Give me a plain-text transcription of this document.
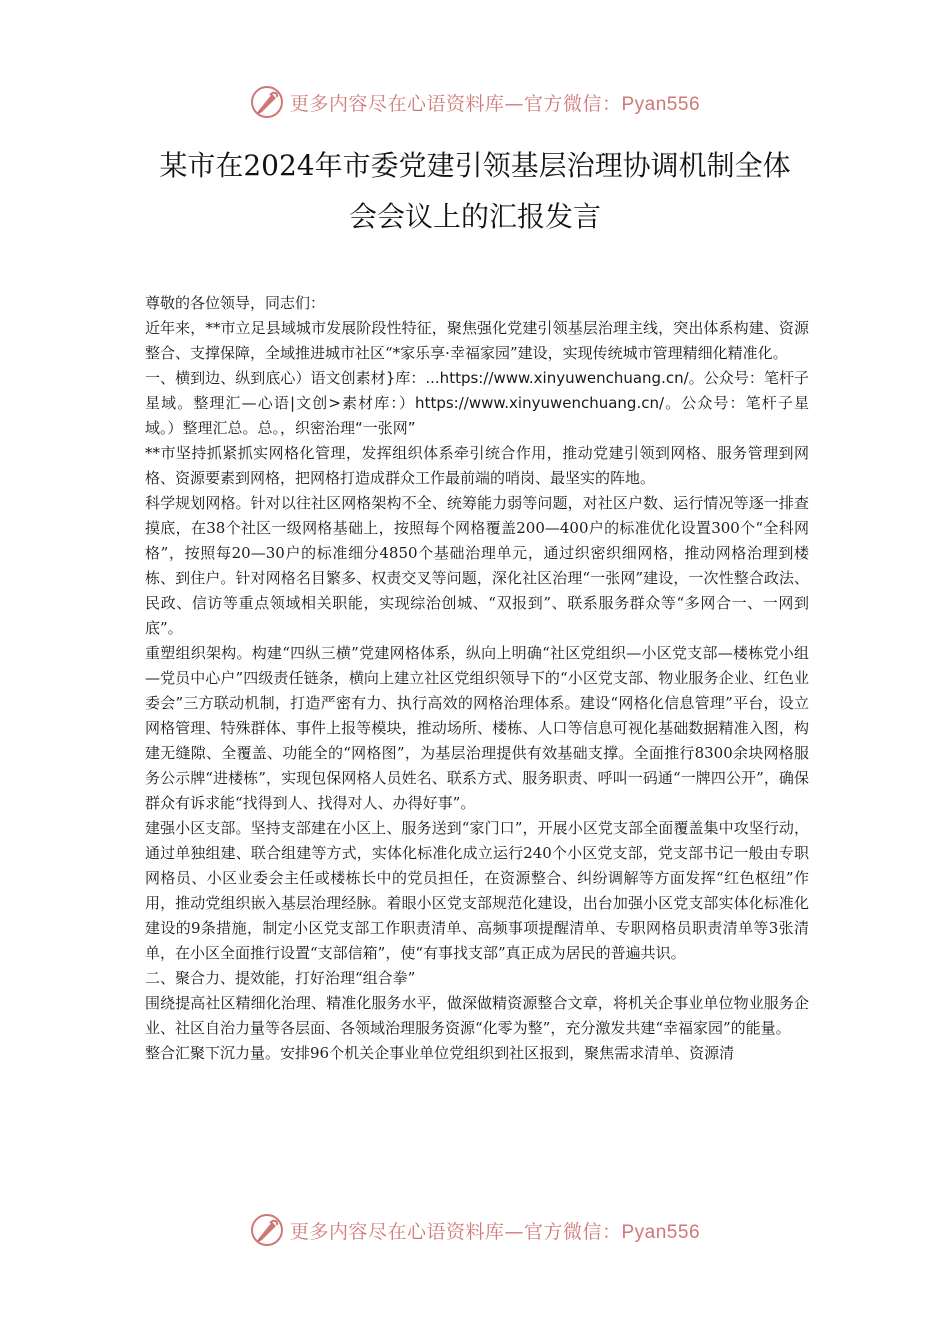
更多内容尽在心语资料库—官方微信：Pyan556
某市在2024年市委党建引领基层治理协调机制全体
会会议上的汇报发言

尊敬的各位领导，同志们：

近年来，**市立足县域城市发展阶段性特征，聚焦强化党建引领基层治理主线，突出体系构建、资源整合、支撑保障，全域推进城市社区“*家乐享·幸福家园”建设，实现传统城市管理精细化精准化。

一、横到边、纵到底心）语文创素材}库：...https://www.xinyuwenchuang.cn/。公众号：笔杆子星域。整理汇—心语|文创>素材库：）https://www.xinyuwenchuang.cn/。公众号：笔杆子星域。）整理汇总。总。，织密治理“一张网”

**市坚持抓紧抓实网格化管理，发挥组织体系牵引统合作用，推动党建引领到网格、服务管理到网格、资源要素到网格，把网格打造成群众工作最前端的哨岗、最坚实的阵地。

科学规划网格。针对以往社区网格架构不全、统筹能力弱等问题，对社区户数、运行情况等逐一排查摸底，在38个社区一级网格基础上，按照每个网格覆盖200—400户的标准优化设置300个“全科网格”，按照每20—30户的标准细分4850个基础治理单元，通过织密织细网格，推动网格治理到楼栋、到住户。针对网格名目繁多、权责交叉等问题，深化社区治理“一张网”建设，一次性整合政法、民政、信访等重点领域相关职能，实现综治创城、“双报到”、联系服务群众等“多网合一、一网到底”。

重塑组织架构。构建“四纵三横”党建网格体系，纵向上明确“社区党组织—小区党支部—楼栋党小组—党员中心户”四级责任链条，横向上建立社区党组织领导下的“小区党支部、物业服务企业、红色业委会”三方联动机制，打造严密有力、执行高效的网格治理体系。建设“网格化信息管理”平台，设立网格管理、特殊群体、事件上报等模块，推动场所、楼栋、人口等信息可视化基础数据精准入图，构建无缝隙、全覆盖、功能全的“网格图”，为基层治理提供有效基础支撑。全面推行8300余块网格服务公示牌“进楼栋”，实现包保网格人员姓名、联系方式、服务职责、呼叫一码通“一牌四公开”，确保群众有诉求能“找得到人、找得对人、办得好事”。

建强小区支部。坚持支部建在小区上、服务送到“家门口”，开展小区党支部全面覆盖集中攻坚行动，通过单独组建、联合组建等方式，实体化标准化成立运行240个小区党支部，党支部书记一般由专职网格员、小区业委会主任或楼栋长中的党员担任，在资源整合、纠纷调解等方面发挥“红色枢纽”作用，推动党组织嵌入基层治理经脉。着眼小区党支部规范化建设，出台加强小区党支部实体化标准化建设的9条措施，制定小区党支部工作职责清单、高频事项提醒清单、专职网格员职责清单等3张清单，在小区全面推行设置“支部信箱”，使“有事找支部”真正成为居民的普遍共识。

二、聚合力、提效能，打好治理“组合拳”

围绕提高社区精细化治理、精准化服务水平，做深做精资源整合文章，将机关企事业单位物业服务企业、社区自治力量等各层面、各领域治理服务资源“化零为整”，充分激发共建“幸福家园”的能量。

整合汇聚下沉力量。安排96个机关企事业单位党组织到社区报到，聚焦需求清单、资源清

更多内容尽在心语资料库—官方微信：Pyan556
